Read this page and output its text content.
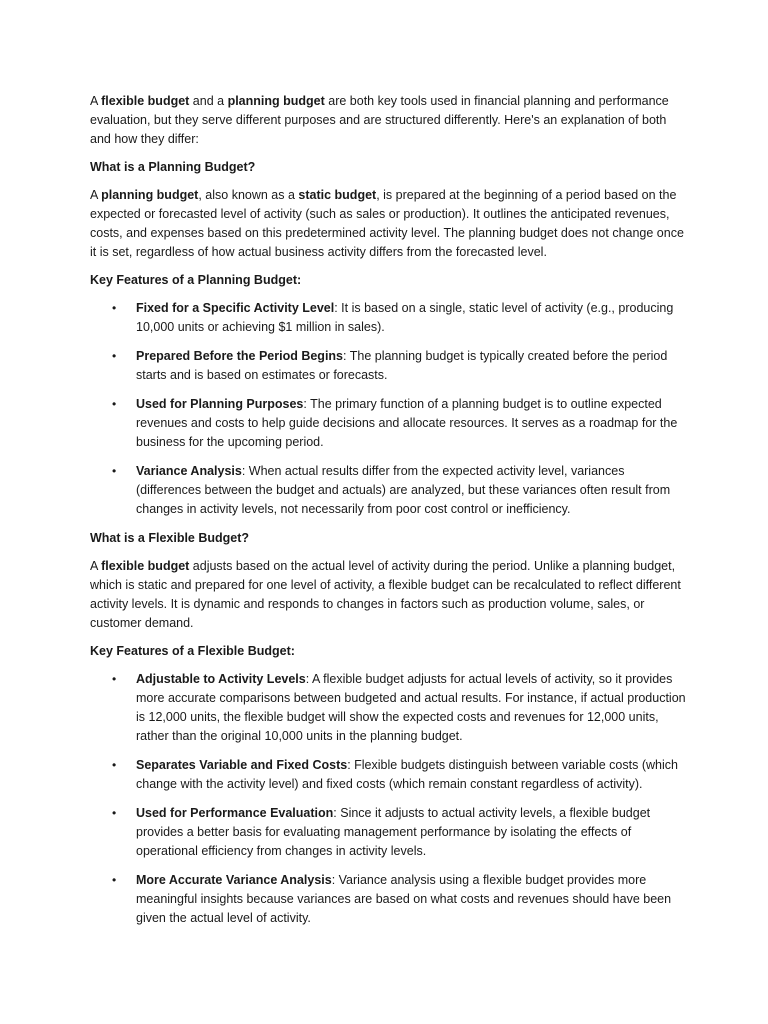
A flexible budget and a planning budget are both key tools used in financial planning and performance evaluation, but they serve different purposes and are structured differently. Here's an explanation of both and how they differ:

What is a Planning Budget?

A planning budget, also known as a static budget, is prepared at the beginning of a period based on the expected or forecasted level of activity (such as sales or production). It outlines the anticipated revenues, costs, and expenses based on this predetermined activity level. The planning budget does not change once it is set, regardless of how actual business activity differs from the forecasted level.

Key Features of a Planning Budget:

• Fixed for a Specific Activity Level: It is based on a single, static level of activity (e.g., producing 10,000 units or achieving $1 million in sales).
• Prepared Before the Period Begins: The planning budget is typically created before the period starts and is based on estimates or forecasts.
• Used for Planning Purposes: The primary function of a planning budget is to outline expected revenues and costs to help guide decisions and allocate resources. It serves as a roadmap for the business for the upcoming period.
• Variance Analysis: When actual results differ from the expected activity level, variances (differences between the budget and actuals) are analyzed, but these variances often result from changes in activity levels, not necessarily from poor cost control or inefficiency.

What is a Flexible Budget?

A flexible budget adjusts based on the actual level of activity during the period. Unlike a planning budget, which is static and prepared for one level of activity, a flexible budget can be recalculated to reflect different activity levels. It is dynamic and responds to changes in factors such as production volume, sales, or customer demand.

Key Features of a Flexible Budget:

• Adjustable to Activity Levels: A flexible budget adjusts for actual levels of activity, so it provides more accurate comparisons between budgeted and actual results. For instance, if actual production is 12,000 units, the flexible budget will show the expected costs and revenues for 12,000 units, rather than the original 10,000 units in the planning budget.
• Separates Variable and Fixed Costs: Flexible budgets distinguish between variable costs (which change with the activity level) and fixed costs (which remain constant regardless of activity).
• Used for Performance Evaluation: Since it adjusts to actual activity levels, a flexible budget provides a better basis for evaluating management performance by isolating the effects of operational efficiency from changes in activity levels.
• More Accurate Variance Analysis: Variance analysis using a flexible budget provides more meaningful insights because variances are based on what costs and revenues should have been given the actual level of activity.
